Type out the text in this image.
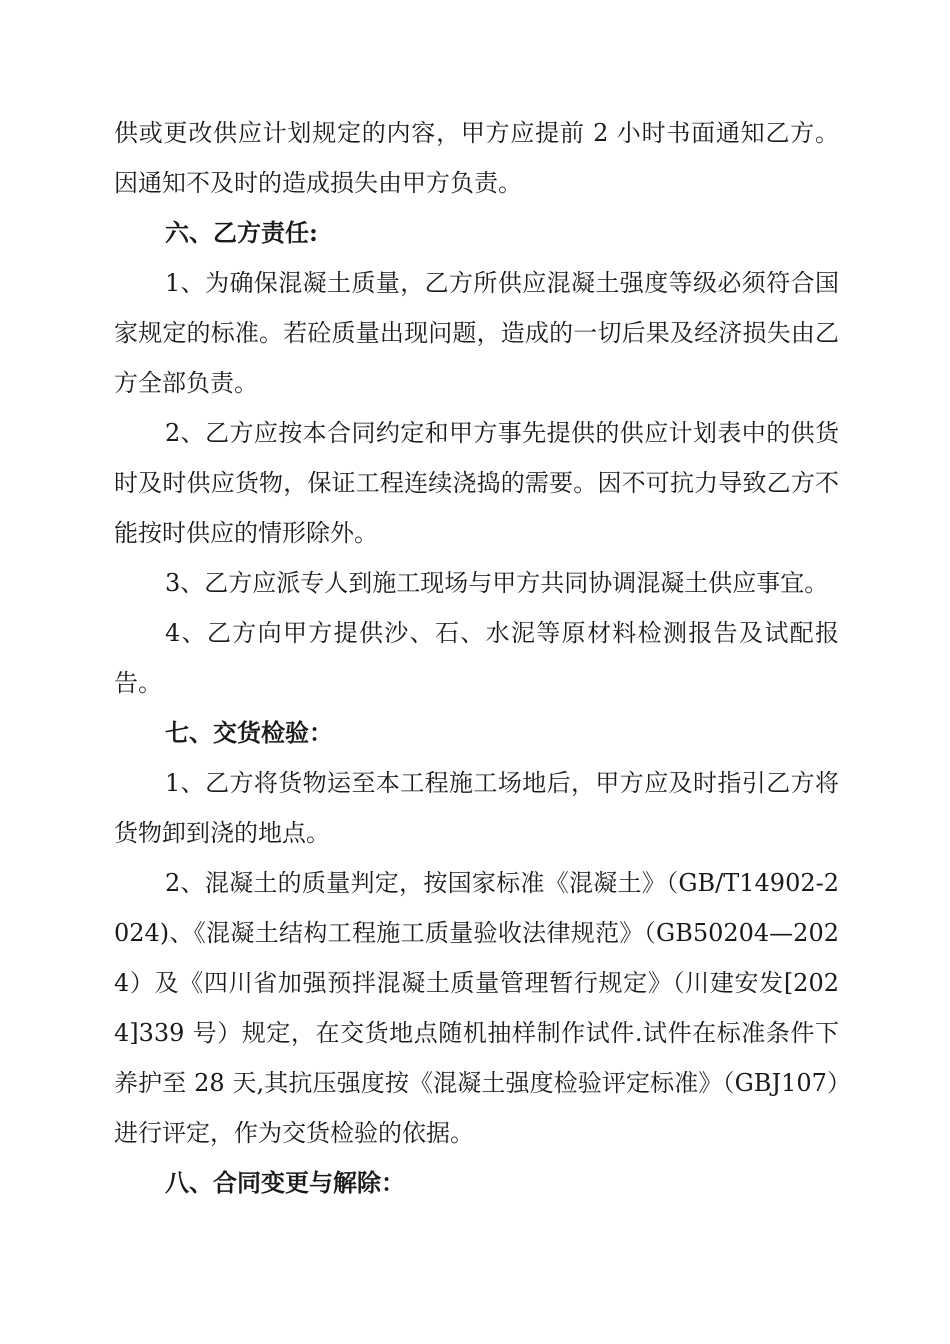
供或更改供应计划规定的内容，甲方应提前 2 小时书面通知乙方。因通知不及时的造成损失由甲方负责。

六、乙方责任:

1、为确保混凝土质量，乙方所供应混凝土强度等级必须符合国家规定的标准。若砼质量出现问题，造成的一切后果及经济损失由乙方全部负责。

2、乙方应按本合同约定和甲方事先提供的供应计划表中的供货时及时供应货物，保证工程连续浇捣的需要。因不可抗力导致乙方不能按时供应的情形除外。

3、乙方应派专人到施工现场与甲方共同协调混凝土供应事宜。

4、乙方向甲方提供沙、石、水泥等原材料检测报告及试配报告。

七、交货检验：

1、乙方将货物运至本工程施工场地后，甲方应及时指引乙方将货物卸到浇的地点。

2、混凝土的质量判定，按国家标准《混凝土》（GB/T14902-2024)、《混凝土结构工程施工质量验收法律规范》（GB50204—2024）及《四川省加强预拌混凝土质量管理暂行规定》（川建安发[2024]339 号）规定，在交货地点随机抽样制作试件.试件在标准条件下养护至 28 天,其抗压强度按《混凝土强度检验评定标准》（GBJ107）进行评定，作为交货检验的依据。

八、合同变更与解除：
